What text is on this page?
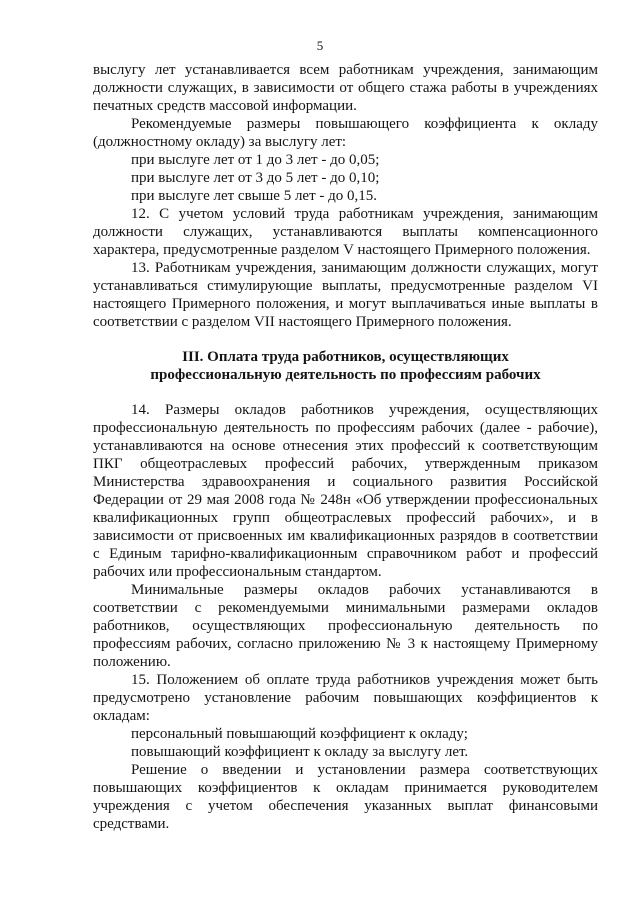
5
выслугу лет устанавливается всем работникам учреждения, занимающим должности служащих, в зависимости от общего стажа работы в учреждениях печатных средств массовой информации.
Рекомендуемые размеры повышающего коэффициента к окладу (должностному окладу) за выслугу лет:
при выслуге лет от 1 до 3 лет - до 0,05;
при выслуге лет от 3 до 5 лет - до 0,10;
при выслуге лет свыше 5 лет - до 0,15.
12. С учетом условий труда работникам учреждения, занимающим должности служащих, устанавливаются выплаты компенсационного характера, предусмотренные разделом V настоящего Примерного положения.
13. Работникам учреждения, занимающим должности служащих, могут устанавливаться стимулирующие выплаты, предусмотренные разделом VI настоящего Примерного положения, и могут выплачиваться иные выплаты в соответствии с разделом VII настоящего Примерного положения.
III. Оплата труда работников, осуществляющих
профессиональную деятельность по профессиям рабочих
14. Размеры окладов работников учреждения, осуществляющих профессиональную деятельность по профессиям рабочих (далее - рабочие), устанавливаются на основе отнесения этих профессий к соответствующим ПКГ общеотраслевых профессий рабочих, утвержденным приказом Министерства здравоохранения и социального развития Российской Федерации от 29 мая 2008 года № 248н «Об утверждении профессиональных квалификационных групп общеотраслевых профессий рабочих», и в зависимости от присвоенных им квалификационных разрядов в соответствии с Единым тарифно-квалификационным справочником работ и профессий рабочих или профессиональным стандартом.
Минимальные размеры окладов рабочих устанавливаются в соответствии с рекомендуемыми минимальными размерами окладов работников, осуществляющих профессиональную деятельность по профессиям рабочих, согласно приложению № 3 к настоящему Примерному положению.
15. Положением об оплате труда работников учреждения может быть предусмотрено установление рабочим повышающих коэффициентов к окладам:
персональный повышающий коэффициент к окладу;
повышающий коэффициент к окладу за выслугу лет.
Решение о введении и установлении размера соответствующих повышающих коэффициентов к окладам принимается руководителем учреждения с учетом обеспечения указанных выплат финансовыми средствами.
